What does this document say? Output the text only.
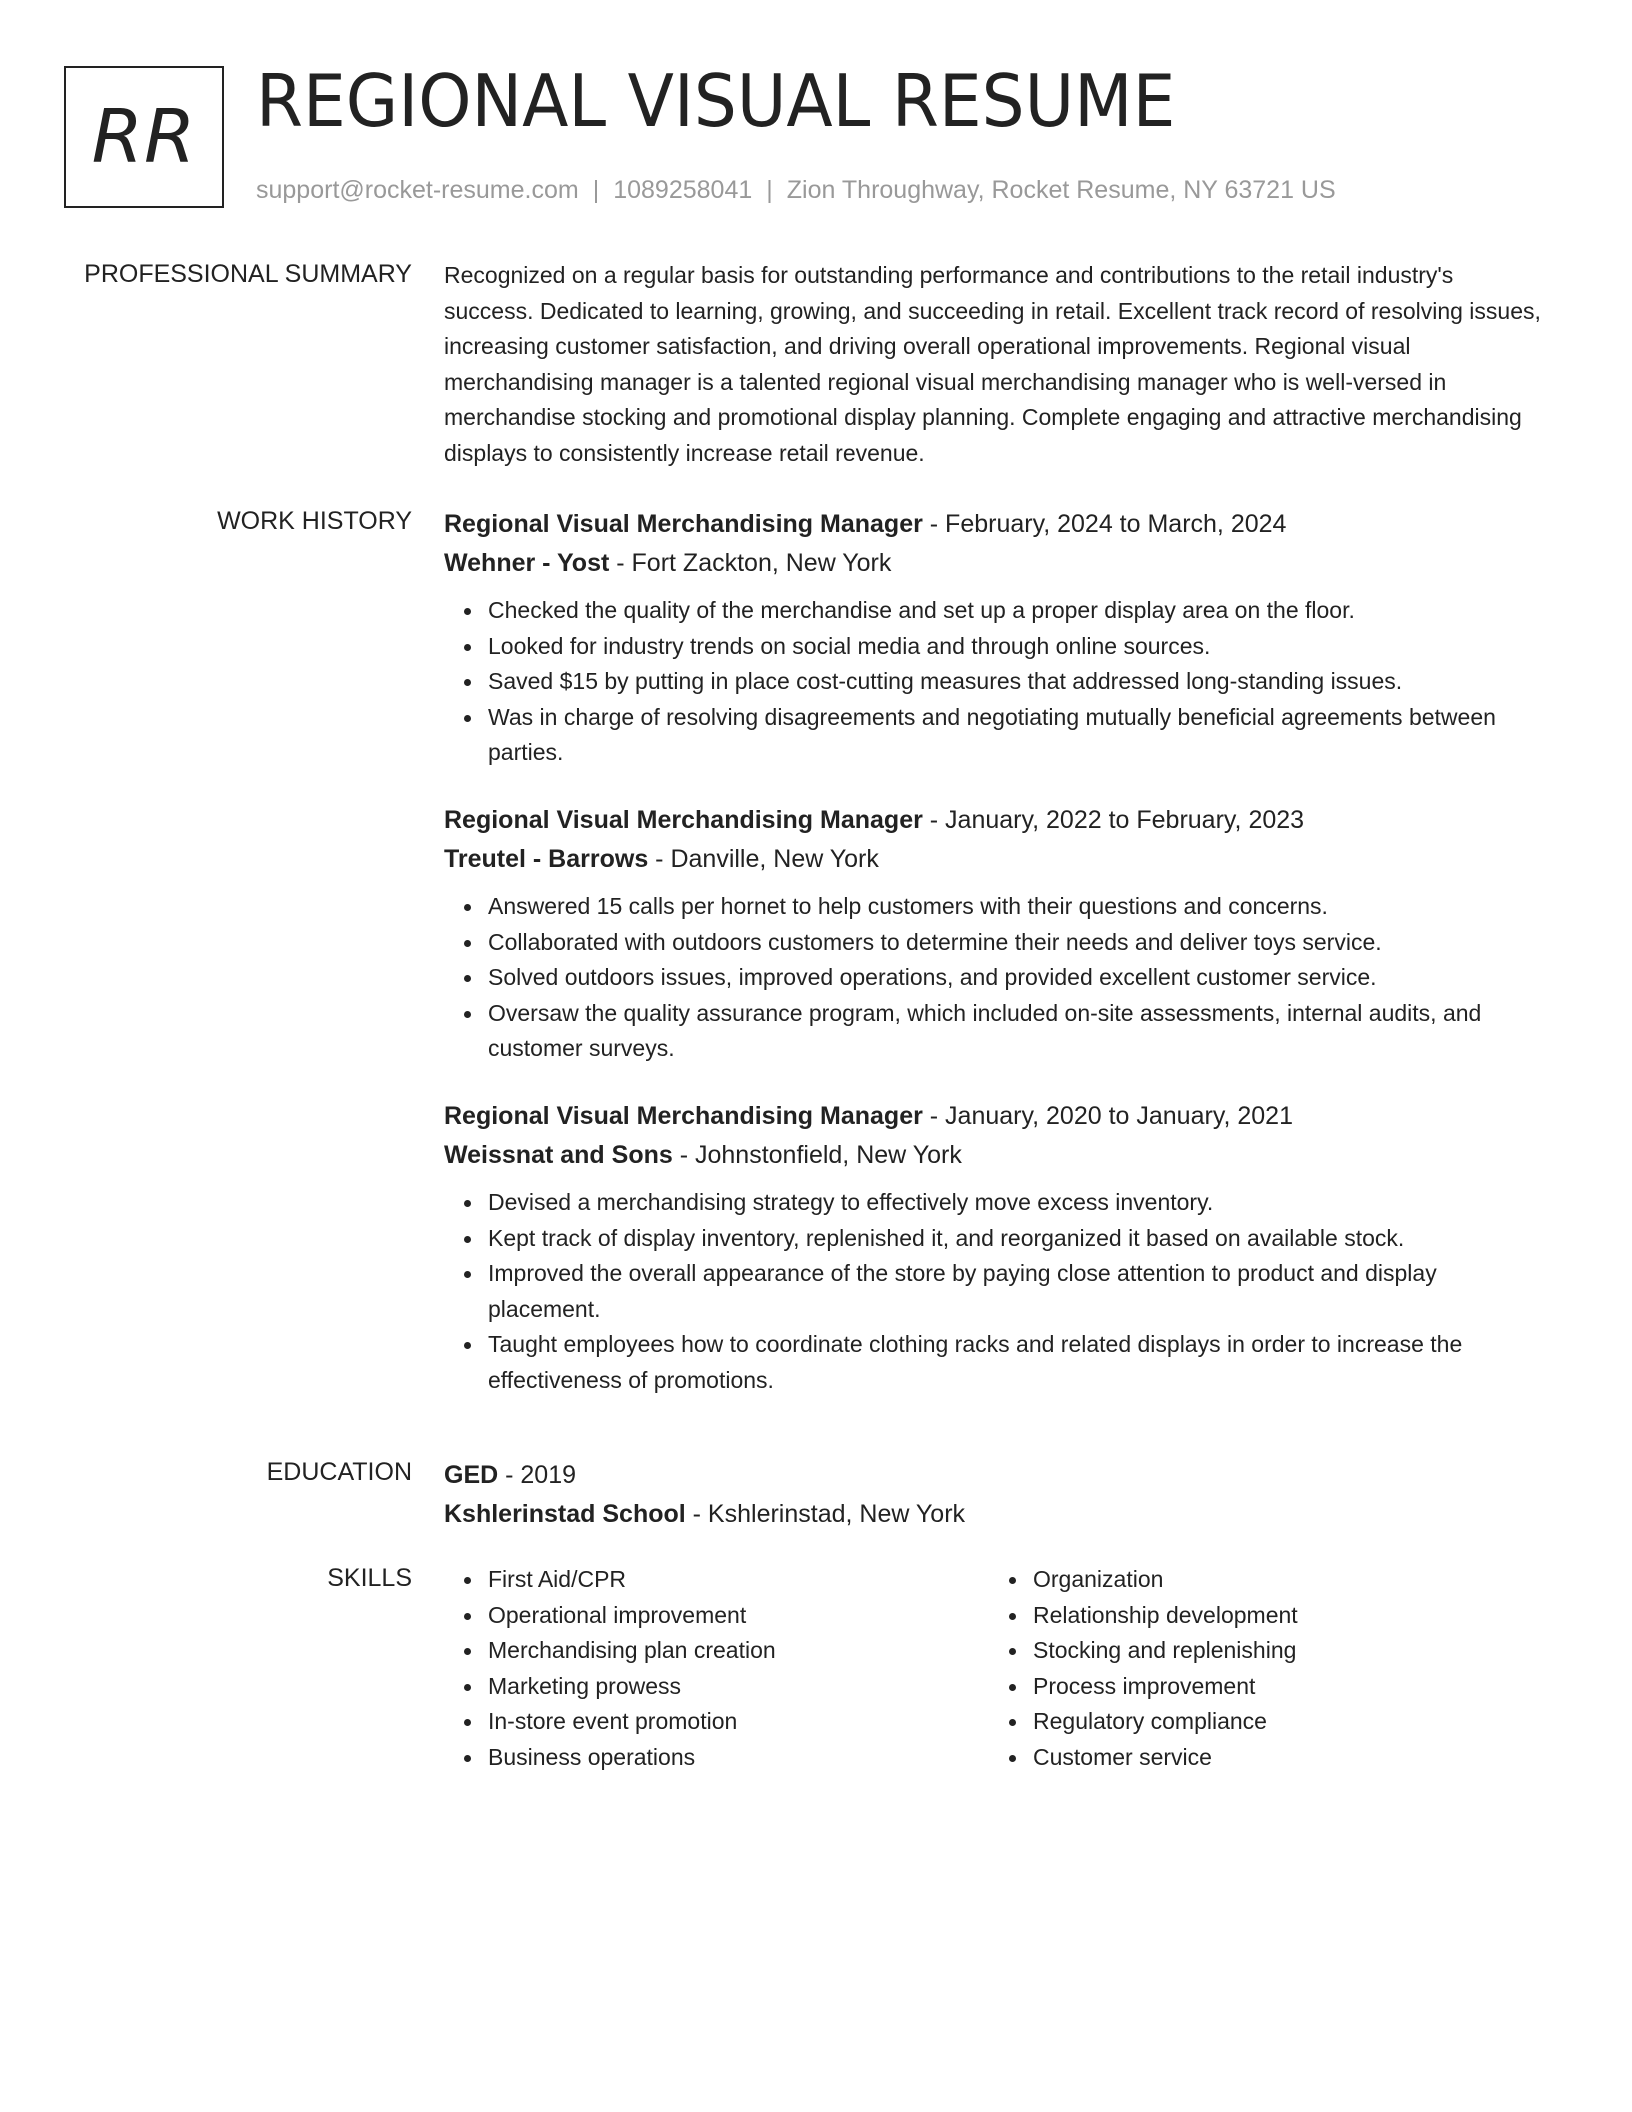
RR REGIONAL VISUAL RESUME
support@rocket-resume.com | 1089258041 | Zion Throughway, Rocket Resume, NY 63721 US
PROFESSIONAL SUMMARY Recognized on a regular basis for outstanding performance and contributions to the retail industry's success. Dedicated to learning, growing, and succeeding in retail. Excellent track record of resolving issues, increasing customer satisfaction, and driving overall operational improvements. Regional visual merchandising manager is a talented regional visual merchandising manager who is well-versed in merchandise stocking and promotional display planning. Complete engaging and attractive merchandising displays to consistently increase retail revenue.

WORK HISTORY Regional Visual Merchandising Manager - February, 2024 to March, 2024
Wehner - Yost - Fort Zackton, New York
Checked the quality of the merchandise and set up a proper display area on the floor.
Looked for industry trends on social media and through online sources.
Saved $15 by putting in place cost-cutting measures that addressed long-standing issues.
Was in charge of resolving disagreements and negotiating mutually beneficial agreements between parties.
Regional Visual Merchandising Manager - January, 2022 to February, 2023
Treutel - Barrows - Danville, New York
Answered 15 calls per hornet to help customers with their questions and concerns.
Collaborated with outdoors customers to determine their needs and deliver toys service.
Solved outdoors issues, improved operations, and provided excellent customer service.
Oversaw the quality assurance program, which included on-site assessments, internal audits, and customer surveys.
Regional Visual Merchandising Manager - January, 2020 to January, 2021
Weissnat and Sons - Johnstonfield, New York
Devised a merchandising strategy to effectively move excess inventory.
Kept track of display inventory, replenished it, and reorganized it based on available stock.
Improved the overall appearance of the store by paying close attention to product and display placement.
Taught employees how to coordinate clothing racks and related displays in order to increase the effectiveness of promotions.
EDUCATION GED - 2019
Kshlerinstad School - Kshlerinstad, New York
SKILLS	First Aid/CPR
Operational improvement
Merchandising plan creation
Marketing prowess
In-store event promotion
Business operations
Organization
Relationship development
Stocking and replenishing
Process improvement
Regulatory compliance
Customer service
